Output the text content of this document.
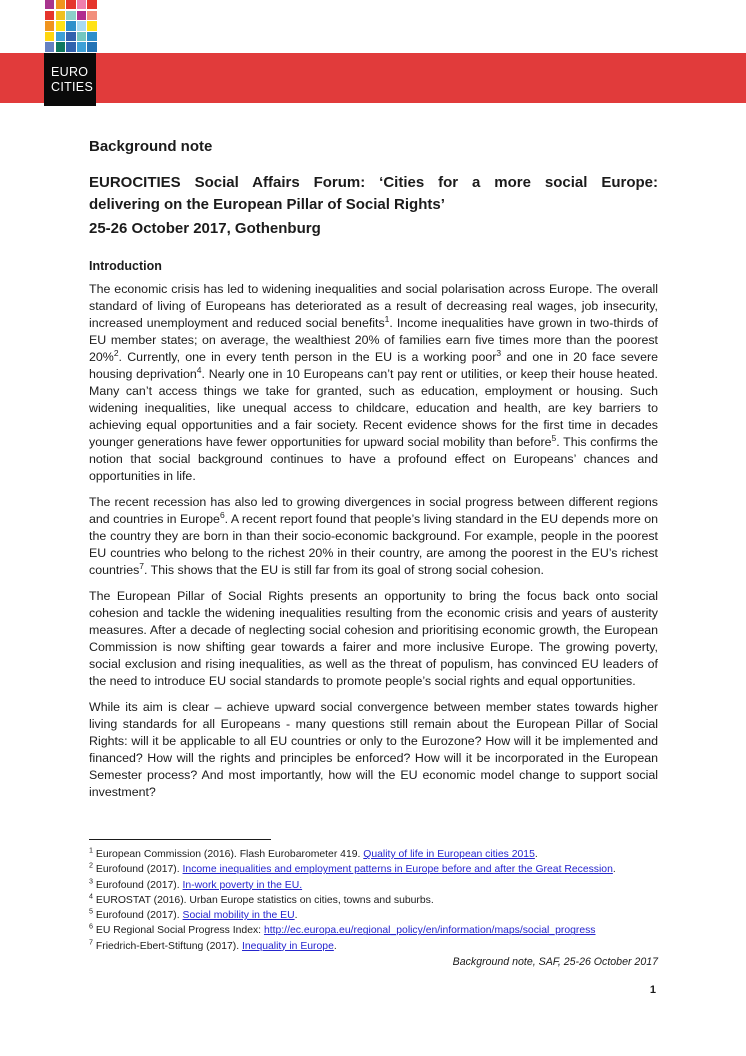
EURO
CITIES
Background note
EUROCITIES Social Affairs Forum: ‘Cities for a more social Europe:
delivering on the European Pillar of Social Rights’
25-26 October 2017, Gothenburg
Introduction

The economic crisis has led to widening inequalities and social polarisation across Europe. The overall standard of living of Europeans has deteriorated as a result of decreasing real wages, job insecurity, increased unemployment and reduced social benefits$^1$. Income inequalities have grown in two-thirds of EU member states; on average, the wealthiest 20% of families earn five times more than the poorest 20%$^2$. Currently, one in every tenth person in the EU is a working poor$^3$ and one in 20 face severe housing deprivation$^4$. Nearly one in 10 Europeans can’t pay rent or utilities, or keep their house heated. Many can’t access things we take for granted, such as education, employment or housing. Such widening inequalities, like unequal access to childcare, education and health, are key barriers to achieving equal opportunities and a fair society. Recent evidence shows for the first time in decades younger generations have fewer opportunities for upward social mobility than before$^5$. This confirms the notion that social background continues to have a profound effect on Europeans’ chances and opportunities in life.

The recent recession has also led to growing divergences in social progress between different regions and countries in Europe$^6$. A recent report found that people’s living standard in the EU depends more on the country they are born in than their socio-economic background. For example, people in the poorest EU countries who belong to the richest 20% in their country, are among the poorest in the EU’s richest countries$^7$. This shows that the EU is still far from its goal of strong social cohesion.

The European Pillar of Social Rights presents an opportunity to bring the focus back onto social cohesion and tackle the widening inequalities resulting from the economic crisis and years of austerity measures. After a decade of neglecting social cohesion and prioritising economic growth, the European Commission is now shifting gear towards a fairer and more inclusive Europe. The growing poverty, social exclusion and rising inequalities, as well as the threat of populism, has convinced EU leaders of the need to introduce EU social standards to promote people’s social rights and equal opportunities.

While its aim is clear – achieve upward social convergence between member states towards higher living standards for all Europeans - many questions still remain about the European Pillar of Social Rights: will it be applicable to all EU countries or only to the Eurozone? How will it be implemented and financed? How will the rights and principles be enforced? How will it be incorporated in the European Semester process? And most importantly, how will the EU economic model change to support social investment?

$^1$ European Commission (2016). Flash Eurobarometer 419. Quality of life in European cities 2015.
$^2$ Eurofound (2017). Income inequalities and employment patterns in Europe before and after the Great Recession.
$^3$ Eurofound (2017). In-work poverty in the EU.
$^4$ EUROSTAT (2016). Urban Europe statistics on cities, towns and suburbs.
$^5$ Eurofound (2017). Social mobility in the EU.
$^6$ EU Regional Social Progress Index: http://ec.europa.eu/regional_policy/en/information/maps/social_progress
$^7$ Friedrich-Ebert-Stiftung (2017). Inequality in Europe.
Background note, SAF, 25-26 October 2017
1
